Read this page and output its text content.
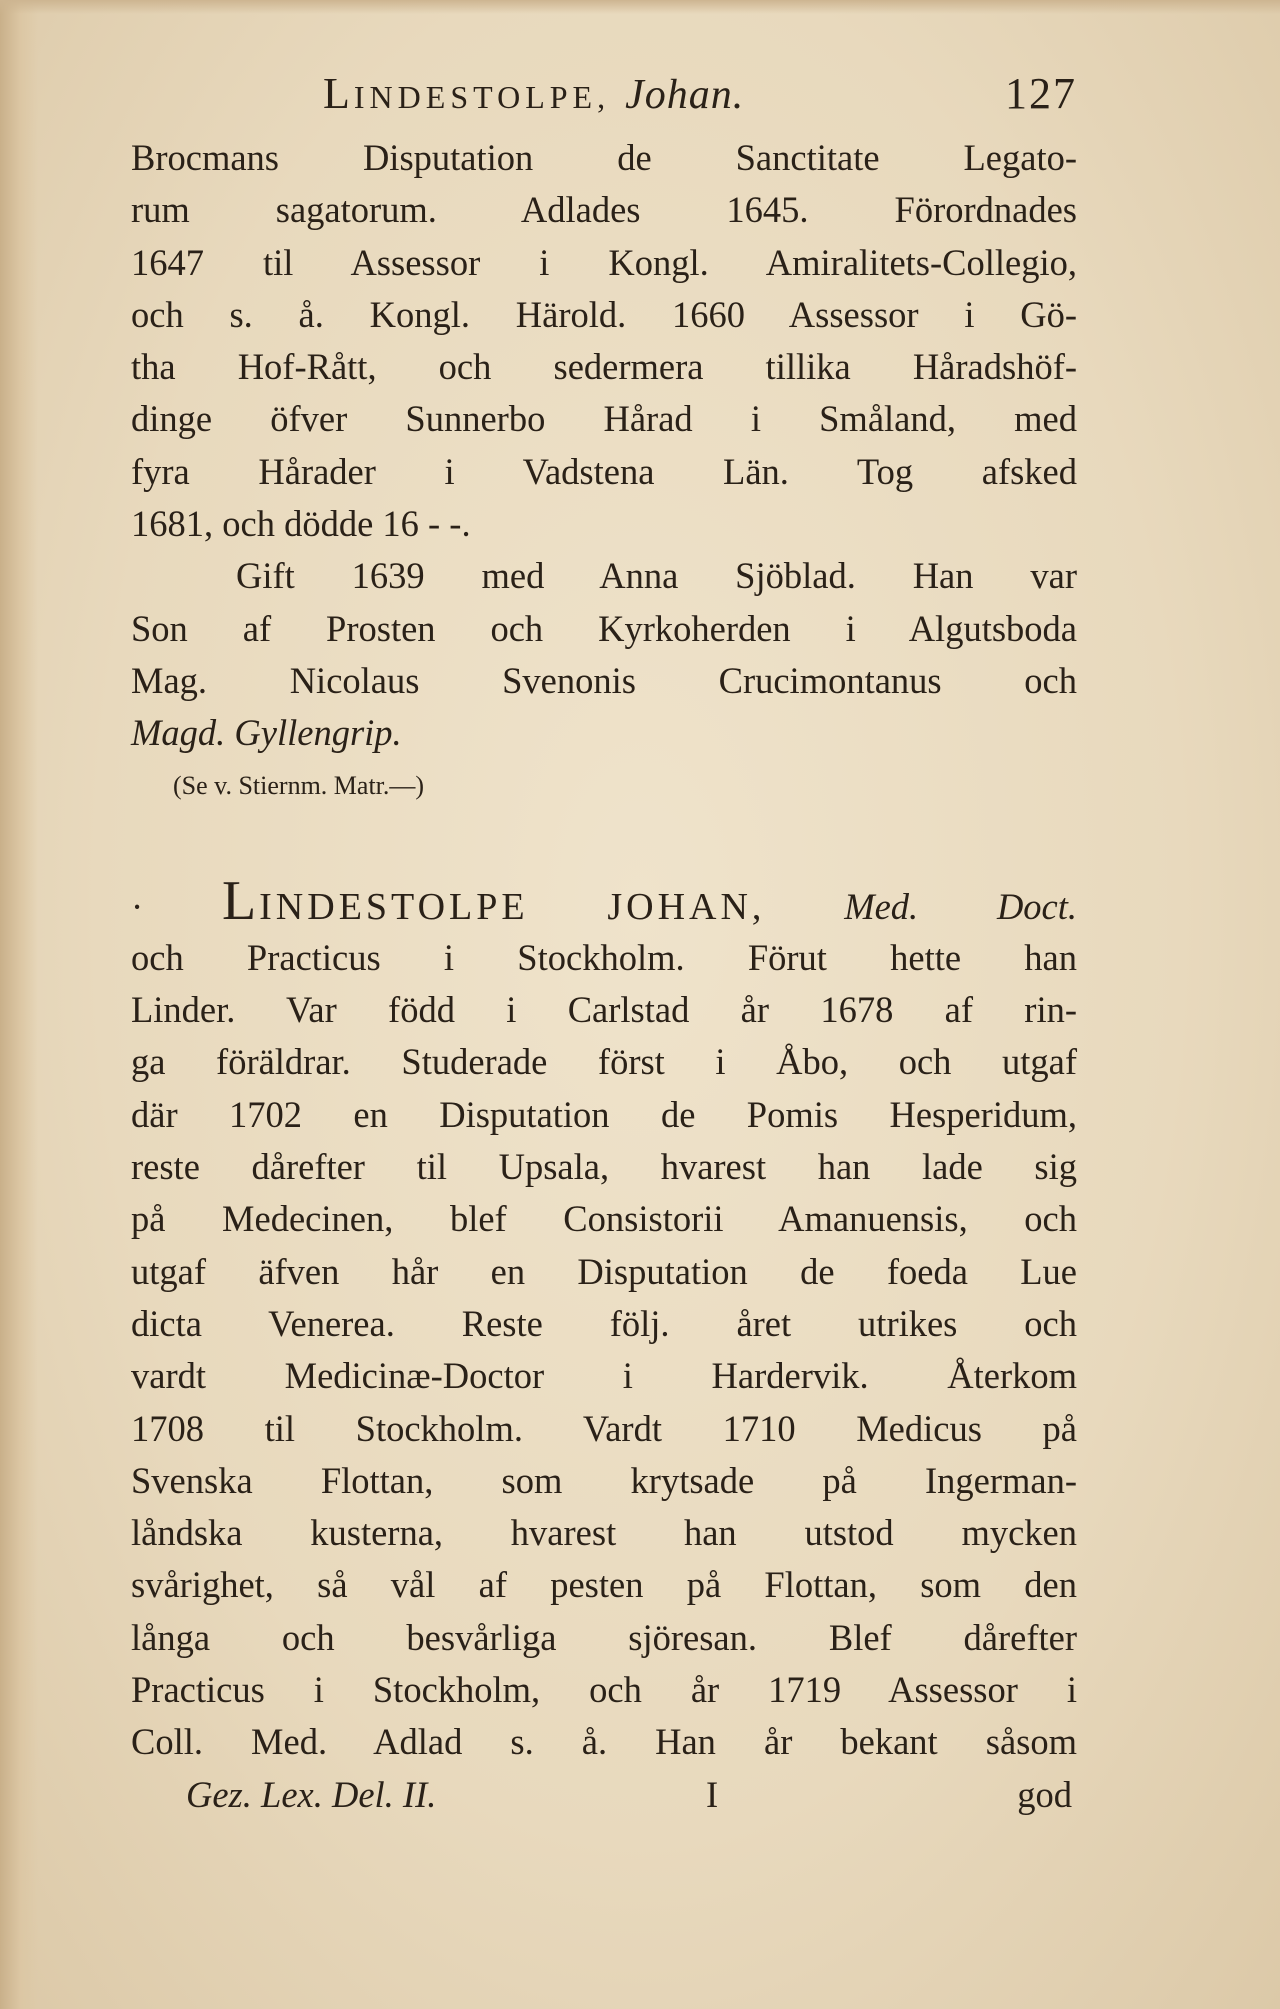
LINDESTOLPE, Johan.	127
Brocmans Disputation de Sanctitate Legato-
rum sagatorum. Adlades 1645. Förordnades
1647 til Assessor i Kongl. Amiralitets-Collegio,
och s. å. Kongl. Härold. 1660 Assessor i Gö-
tha Hof-Rått, och sedermera tillika Håradshöf-
dinge öfver Sunnerbo Hårad i Småland, med
fyra Hårader i Vadstena Län. Tog afsked
1681, och dödde 16 - -.
Gift 1639 med Anna Sjöblad. Han var
Son af Prosten och Kyrkoherden i Algutsboda
Mag. Nicolaus Svenonis Crucimontanus och
Magd. Gyllengrip.
(Se v. Stiernm. Matr.—)
· LINDESTOLPE JOHAN, Med. Doct.
och Practicus i Stockholm. Förut hette han
Linder. Var född i Carlstad år 1678 af rin-
ga föräldrar. Studerade först i Åbo, och utgaf
där 1702 en Disputation de Pomis Hesperidum,
reste dårefter til Upsala, hvarest han lade sig
på Medecinen, blef Consistorii Amanuensis, och
utgaf äfven hår en Disputation de foeda Lue
dicta Venerea. Reste följ. året utrikes och
vardt Medicinæ-Doctor i Hardervik. Återkom
1708 til Stockholm. Vardt 1710 Medicus på
Svenska Flottan, som krytsade på Ingerman-
låndska kusterna, hvarest han utstod mycken
svårighet, så vål af pesten på Flottan, som den
långa och besvårliga sjöresan. Blef dårefter
Practicus i Stockholm, och år 1719 Assessor i
Coll. Med. Adlad s. å. Han år bekant såsom
Gez. Lex. Del. II.	I	god
